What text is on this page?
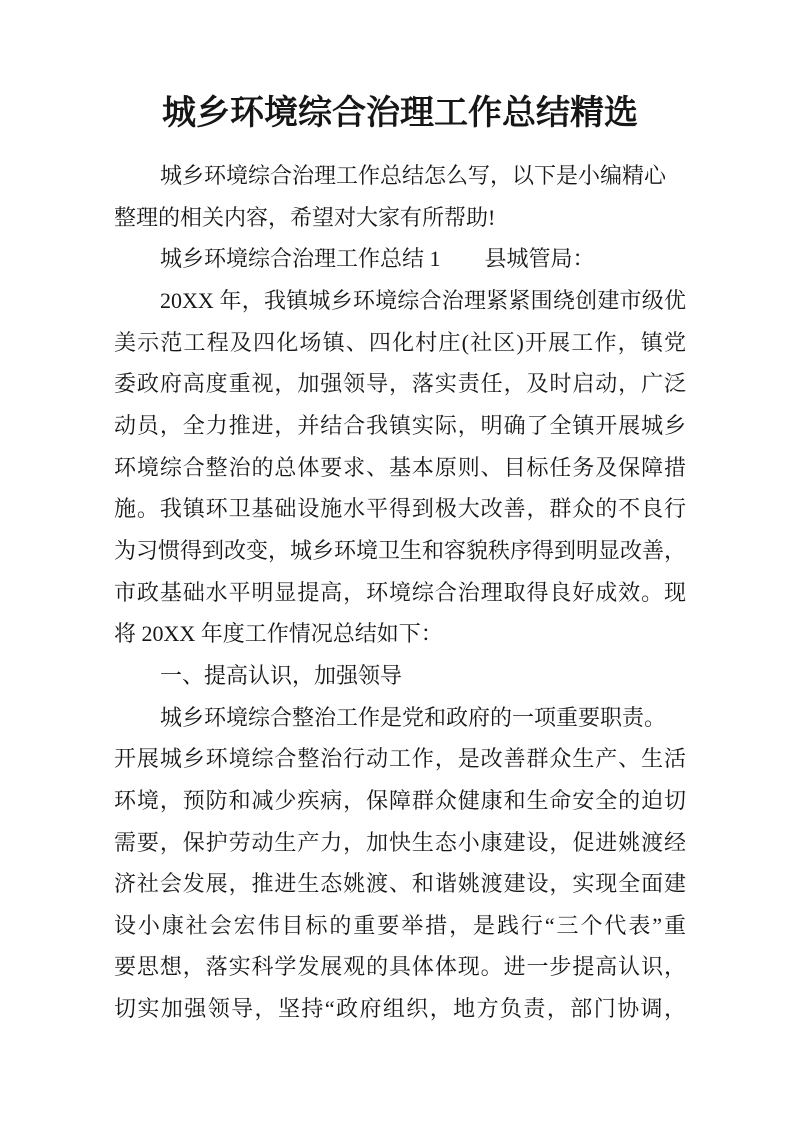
城乡环境综合治理工作总结精选
城乡环境综合治理工作总结怎么写，以下是小编精心
整理的相关内容，希望对大家有所帮助!
城乡环境综合治理工作总结 1　　县城管局：
20XX 年，我镇城乡环境综合治理紧紧围绕创建市级优
美示范工程及四化场镇、四化村庄(社区)开展工作，镇党
委政府高度重视，加强领导，落实责任，及时启动，广泛
动员，全力推进，并结合我镇实际，明确了全镇开展城乡
环境综合整治的总体要求、基本原则、目标任务及保障措
施。我镇环卫基础设施水平得到极大改善，群众的不良行
为习惯得到改变，城乡环境卫生和容貌秩序得到明显改善，
市政基础水平明显提高，环境综合治理取得良好成效。现
将 20XX 年度工作情况总结如下：
一、提高认识，加强领导
城乡环境综合整治工作是党和政府的一项重要职责。
开展城乡环境综合整治行动工作，是改善群众生产、生活
环境，预防和减少疾病，保障群众健康和生命安全的迫切
需要，保护劳动生产力，加快生态小康建设，促进姚渡经
济社会发展，推进生态姚渡、和谐姚渡建设，实现全面建
设小康社会宏伟目标的重要举措，是践行“三个代表”重
要思想，落实科学发展观的具体体现。进一步提高认识，
切实加强领导，坚持“政府组织，地方负责，部门协调，
